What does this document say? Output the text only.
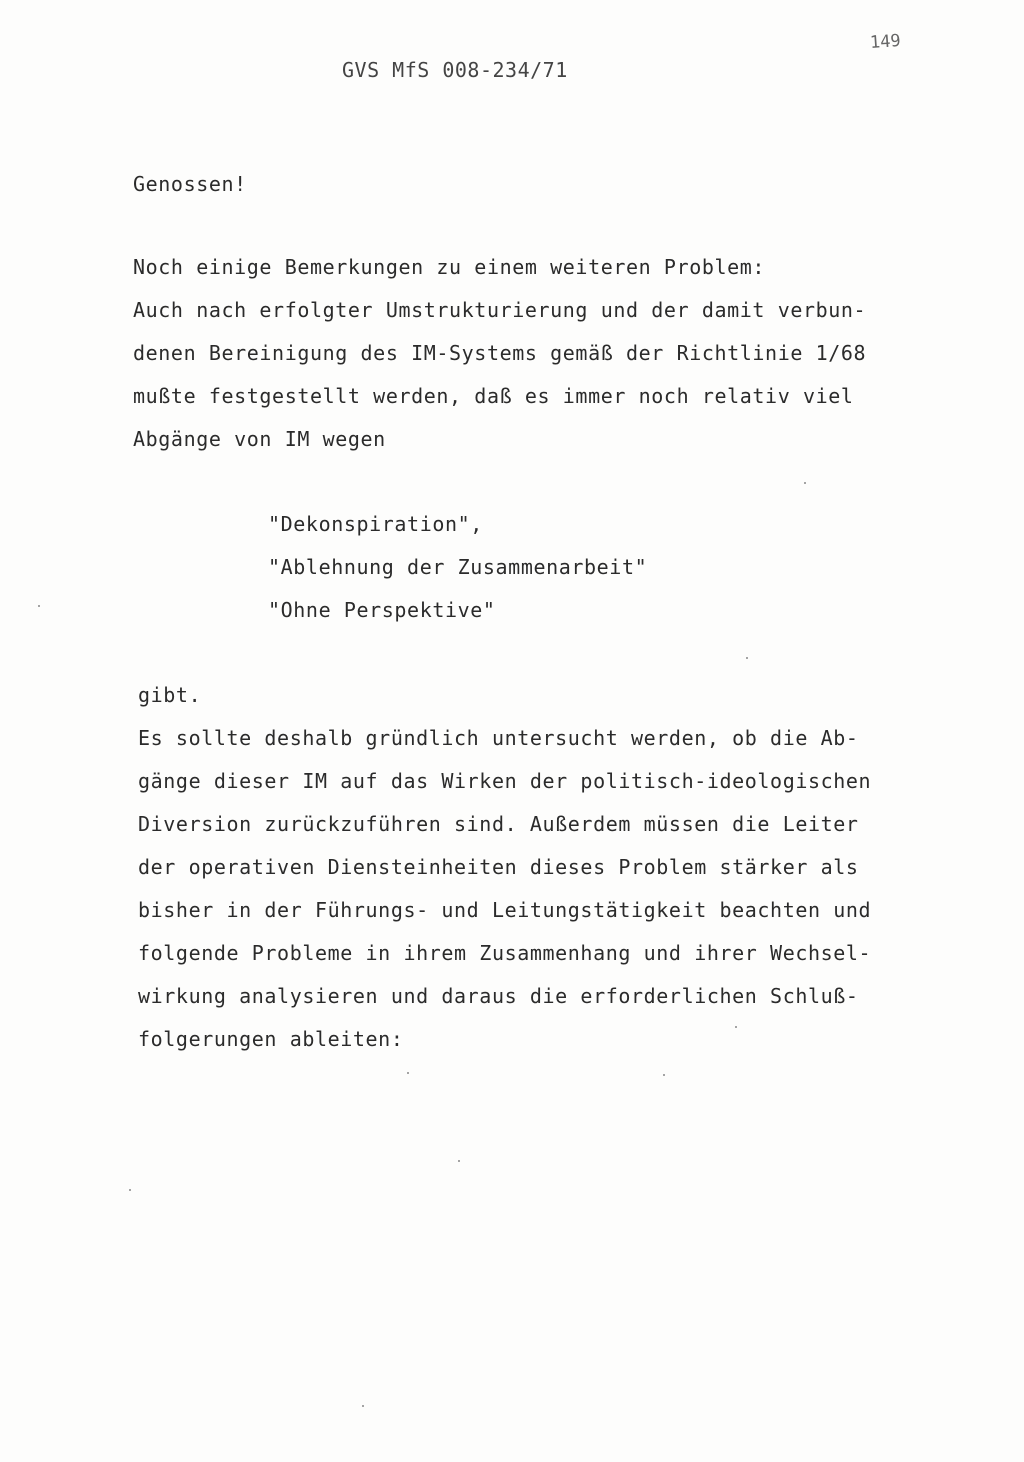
GVS MfS 008-234/71
149
Genossen!
Noch einige Bemerkungen zu einem weiteren Problem:
Auch nach erfolgter Umstrukturierung und der damit verbun-
denen Bereinigung des IM-Systems gemäß der Richtlinie 1/68
mußte festgestellt werden, daß es immer noch relativ viel
Abgänge von IM wegen
"Dekonspiration",
"Ablehnung der Zusammenarbeit"
"Ohne Perspektive"
gibt.
Es sollte deshalb gründlich untersucht werden, ob die Ab-
gänge dieser IM auf das Wirken der politisch-ideologischen
Diversion zurückzuführen sind. Außerdem müssen die Leiter
der operativen Diensteinheiten dieses Problem stärker als
bisher in der Führungs- und Leitungstätigkeit beachten und
folgende Probleme in ihrem Zusammenhang und ihrer Wechsel-
wirkung analysieren und daraus die erforderlichen Schluß-
folgerungen ableiten:
